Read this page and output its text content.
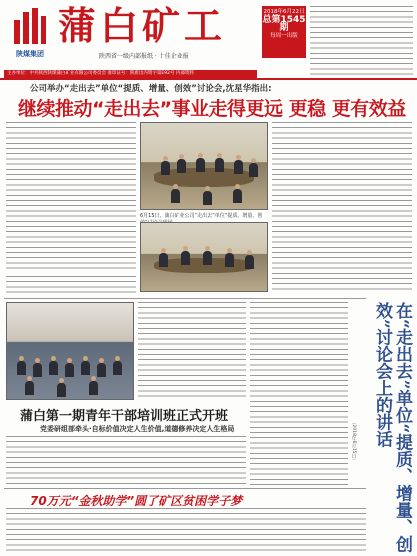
陕煤集团
蒲白矿工
陕西省一级内部报纸 · 十佳企业报
2018年6月22日
总第1545期
每周一出版
主办单位：中共陕西陕煤蒲白矿业有限公司委员会 准印证号：陕新出内资字第E92号 内部资料
公司举办“走出去”单位“提质、增量、创效”讨论会,沈星华指出:
继续推动“走出去”事业走得更远 更稳 更有效益
6月15日，蒲白矿业公司“走出去”单位“提质、增量、创
在“走出去”单位“提质、增量、创效”讨论会上的讲话
（2018年6月15日）
蒲白第一期青年干部培训班正式开班
党委研组部牵头·自标价值决定人生价值,道德修养决定人生格局
70万元“金秋助学”圆了矿区贫困学子梦
